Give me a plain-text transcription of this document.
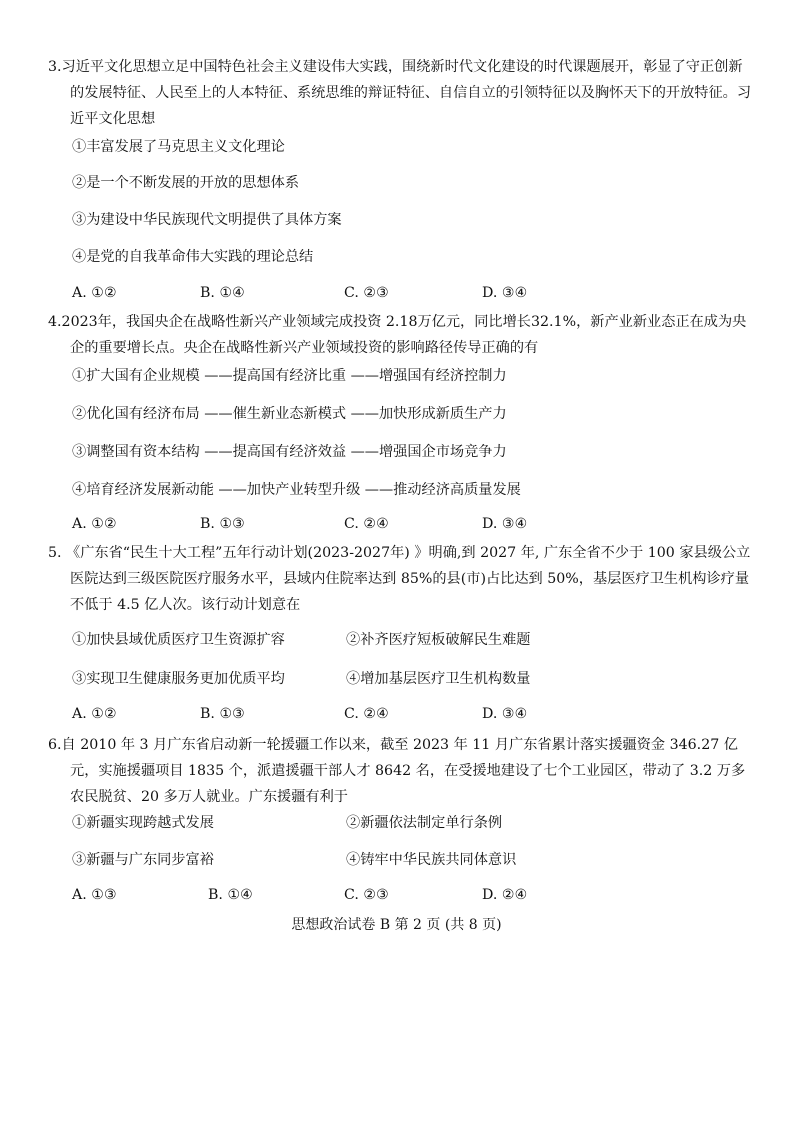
3.习近平文化思想立足中国特色社会主义建设伟大实践，围绕新时代文化建设的时代课题展开，彰显了守正创新的发展特征、人民至上的人本特征、系统思维的辩证特征、自信自立的引领特征以及胸怀天下的开放特征。习近平文化思想

①丰富发展了马克思主义文化理论
②是一个不断发展的开放的思想体系
③为建设中华民族现代文明提供了具体方案
④是党的自我革命伟大实践的理论总结
A. ①②	B. ①④	C. ②③	D. ③④

4.2023年，我国央企在战略性新兴产业领域完成投资 2.18万亿元，同比增长32.1%，新产业新业态正在成为央企的重要增长点。央企在战略性新兴产业领域投资的影响路径传导正确的有

①扩大国有企业规模 ——提高国有经济比重 ——增强国有经济控制力
②优化国有经济布局 ——催生新业态新模式 ——加快形成新质生产力
③调整国有资本结构 ——提高国有经济效益 ——增强国企市场竞争力
④培育经济发展新动能 ——加快产业转型升级 ——推动经济高质量发展
A. ①②	B. ①③	C. ②④	D. ③④

5. 《广东省“民生十大工程”五年行动计划(2023-2027年) 》明确,到 2027 年, 广东全省不少于 100 家县级公立医院达到三级医院医疗服务水平，县域内住院率达到 85%的县(市)占比达到 50%，基层医疗卫生机构诊疗量不低于 4.5 亿人次。该行动计划意在

①加快县域优质医疗卫生资源扩容	②补齐医疗短板破解民生难题
③实现卫生健康服务更加优质平均	④增加基层医疗卫生机构数量
A. ①②	B. ①③	C. ②④	D. ③④

6.自 2010 年 3 月广东省启动新一轮援疆工作以来，截至 2023 年 11 月广东省累计落实援疆资金 346.27 亿元，实施援疆项目 1835 个，派遣援疆干部人才 8642 名，在受援地建设了七个工业园区，带动了 3.2 万多农民脱贫、20 多万人就业。广东援疆有利于

①新疆实现跨越式发展	②新疆依法制定单行条例
③新疆与广东同步富裕	④铸牢中华民族共同体意识
A. ①③	B. ①④	C. ②③	D. ②④
思想政治试卷 B 第 2 页 (共 8 页)
